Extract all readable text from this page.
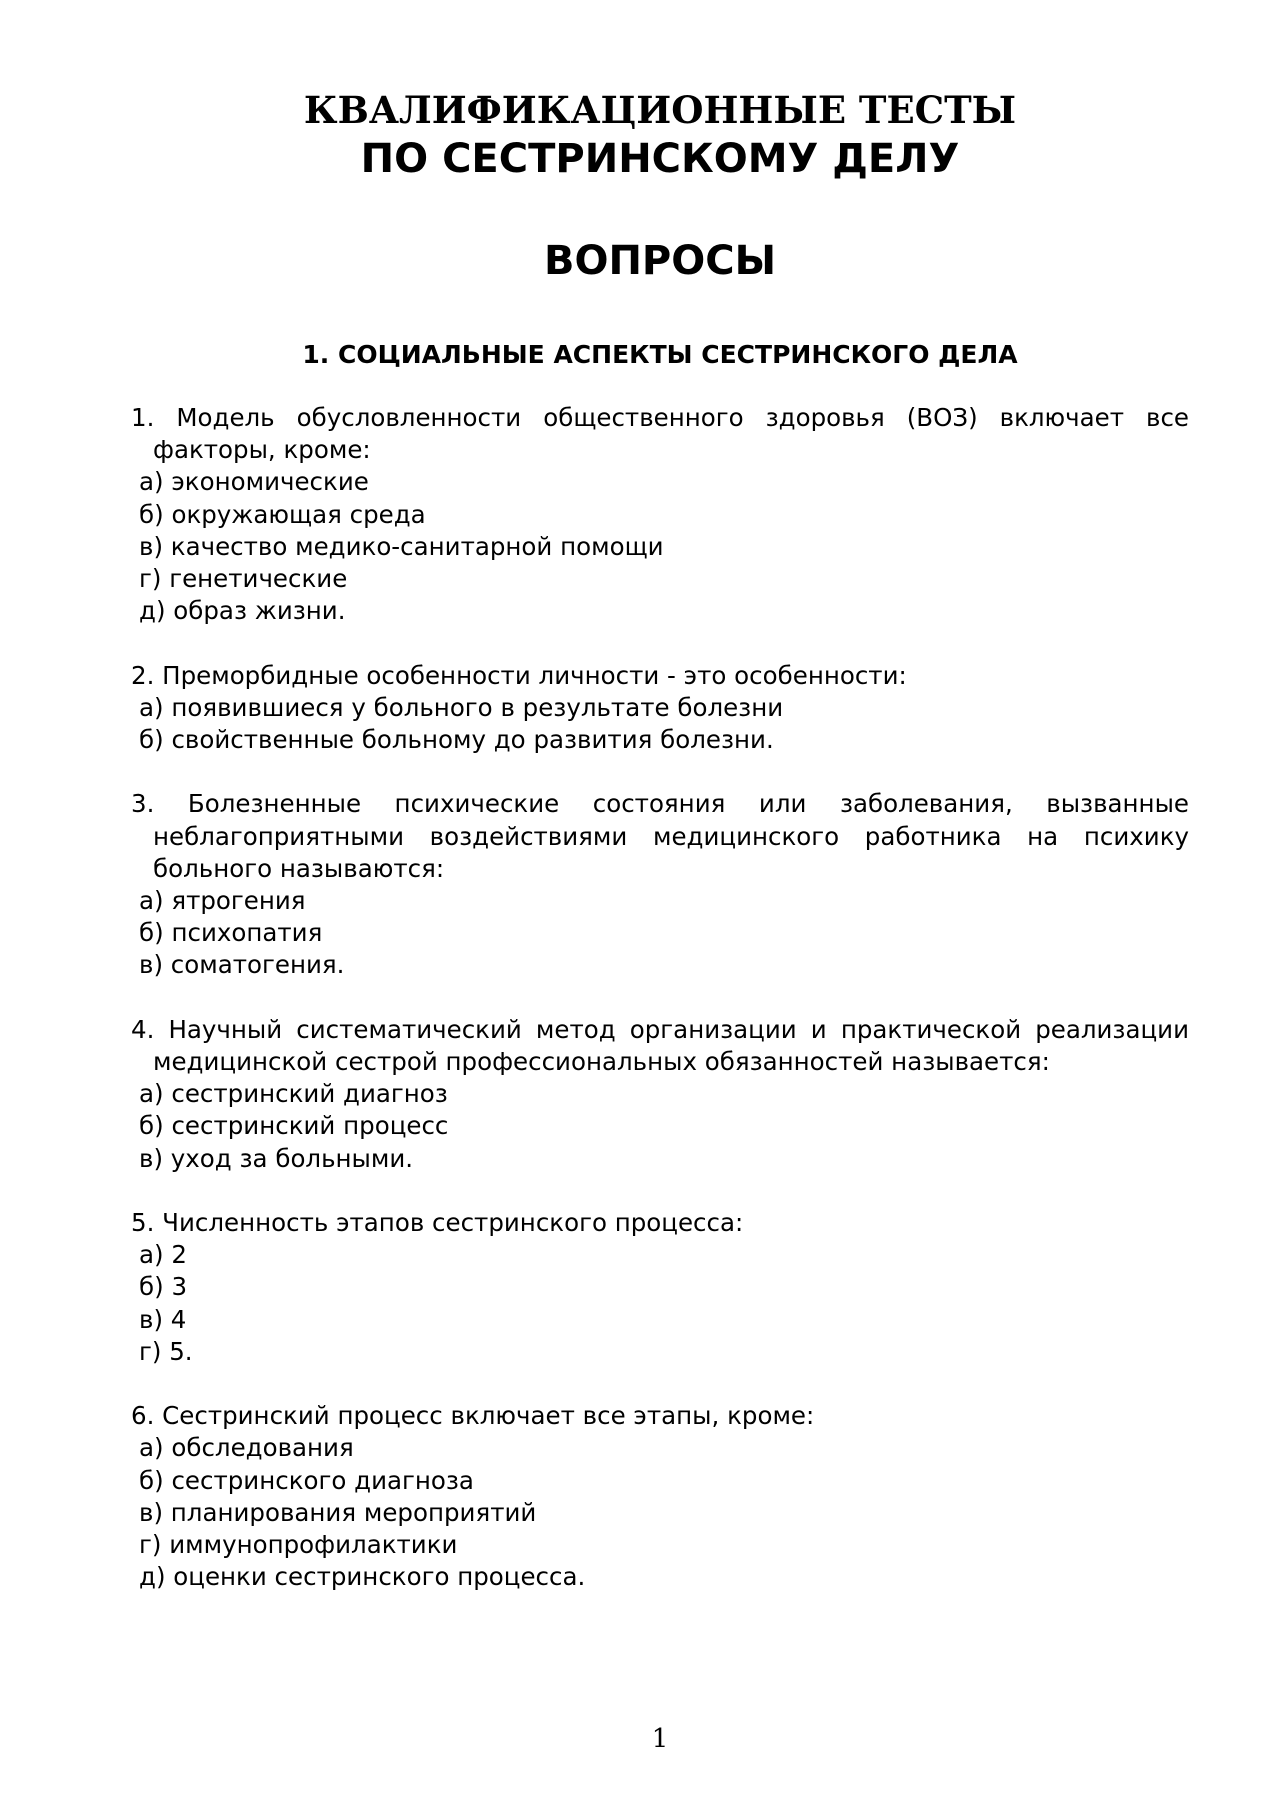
КВАЛИФИКАЦИОННЫЕ ТЕСТЫ
ПО СЕСТРИНСКОМУ ДЕЛУ
ВОПРОСЫ
1. СОЦИАЛЬНЫЕ АСПЕКТЫ СЕСТРИНСКОГО ДЕЛА
1. Модель обусловленности общественного здоровья (ВОЗ) включает все факторы, кроме:
а) экономические
б) окружающая среда
в) качество медико-санитарной помощи
г) генетические
д) образ жизни.
2. Преморбидные особенности личности - это особенности:
а) появившиеся у больного в результате болезни
б) свойственные больному до развития болезни.
3. Болезненные психические состояния или заболевания, вызванные неблагоприятными воздействиями медицинского работника на психику больного называются:
а) ятрогения
б) психопатия
в) соматогения.
4. Научный систематический метод организации и практической реализации медицинской сестрой профессиональных обязанностей называется:
а) сестринский диагноз
б) сестринский процесс
в) уход за больными.
5. Численность этапов сестринского процесса:
а) 2
б) 3
в) 4
г) 5.
6. Сестринский процесс включает все этапы, кроме:
а) обследования
б) сестринского диагноза
в) планирования мероприятий
г) иммунопрофилактики
д) оценки сестринского процесса.
1
